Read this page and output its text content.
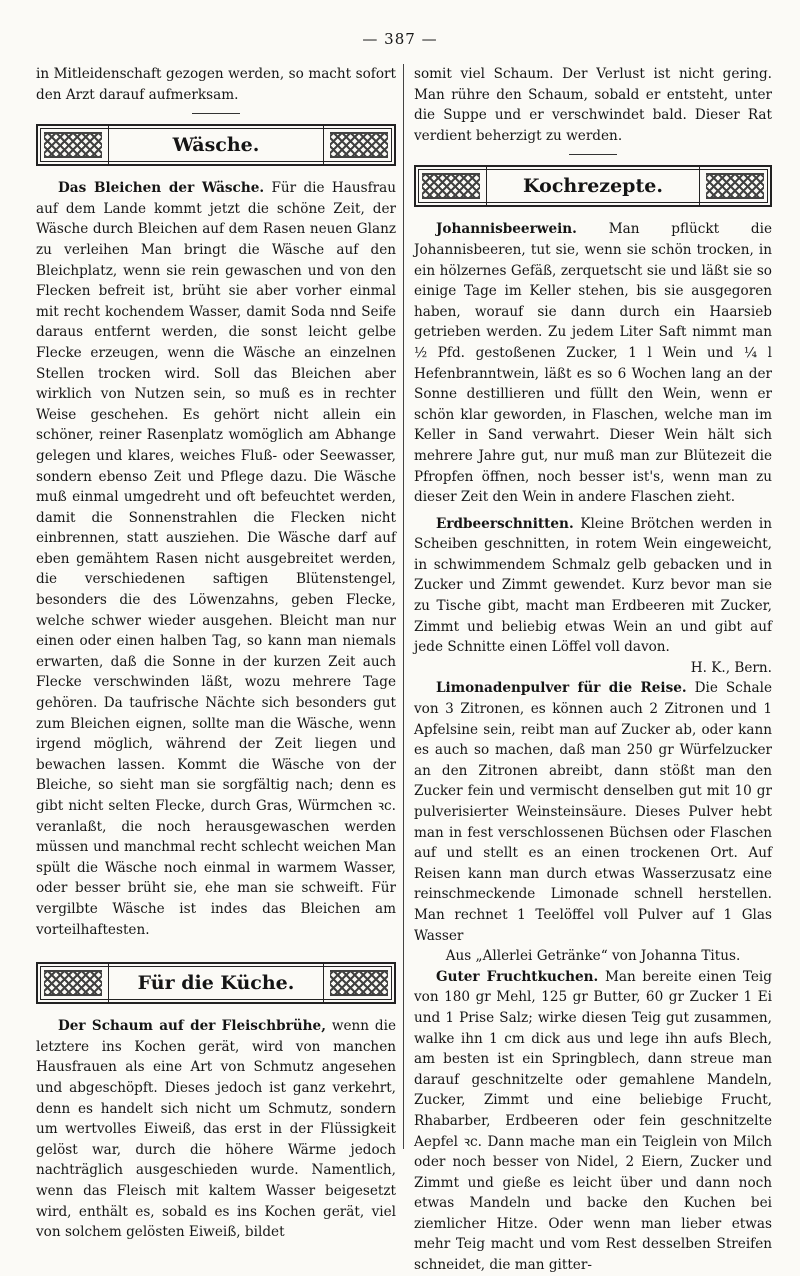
— 387 —

in Mitleidenschaft gezogen werden, so macht sofort den Arzt darauf aufmerksam.

Wäsche.

Das Bleichen der Wäsche. Für die Hausfrau auf dem Lande kommt jetzt die schöne Zeit, der Wäsche durch Bleichen auf dem Rasen neuen Glanz zu verleihen Man bringt die Wäsche auf den Bleichplatz, wenn sie rein gewaschen und von den Flecken befreit ist, brüht sie aber vorher einmal mit recht kochendem Wasser, damit Soda nnd Seife daraus entfernt werden, die sonst leicht gelbe Flecke erzeugen, wenn die Wäsche an einzelnen Stellen trocken wird. Soll das Bleichen aber wirklich von Nutzen sein, so muß es in rechter Weise geschehen. Es gehört nicht allein ein schöner, reiner Rasenplatz womöglich am Abhange gelegen und klares, weiches Fluß- oder Seewasser, sondern ebenso Zeit und Pflege dazu. Die Wäsche muß einmal umgedreht und oft befeuchtet werden, damit die Sonnenstrahlen die Flecken nicht einbrennen, statt ausziehen. Die Wäsche darf auf eben gemähtem Rasen nicht ausgebreitet werden, die verschiedenen saftigen Blütenstengel, besonders die des Löwenzahns, geben Flecke, welche schwer wieder ausgehen. Bleicht man nur einen oder einen halben Tag, so kann man niemals erwarten, daß die Sonne in der kurzen Zeit auch Flecke verschwinden läßt, wozu mehrere Tage gehören. Da taufrische Nächte sich besonders gut zum Bleichen eignen, sollte man die Wäsche, wenn irgend möglich, während der Zeit liegen und bewachen lassen. Kommt die Wäsche von der Bleiche, so sieht man sie sorgfältig nach; denn es gibt nicht selten Flecke, durch Gras, Würmchen ꝛc. veranlaßt, die noch herausgewaschen werden müssen und manchmal recht schlecht weichen Man spült die Wäsche noch einmal in warmem Wasser, oder besser brüht sie, ehe man sie schweift. Für vergilbte Wäsche ist indes das Bleichen am vorteilhaftesten.

Für die Küche.

Der Schaum auf der Fleischbrühe, wenn die letztere ins Kochen gerät, wird von manchen Hausfrauen als eine Art von Schmutz angesehen und abgeschöpft. Dieses jedoch ist ganz verkehrt, denn es handelt sich nicht um Schmutz, sondern um wertvolles Eiweiß, das erst in der Flüssigkeit gelöst war, durch die höhere Wärme jedoch nachträglich ausgeschieden wurde. Namentlich, wenn das Fleisch mit kaltem Wasser beigesetzt wird, enthält es, sobald es ins Kochen gerät, viel von solchem gelösten Eiweiß, bildet

somit viel Schaum. Der Verlust ist nicht gering. Man rühre den Schaum, sobald er entsteht, unter die Suppe und er verschwindet bald. Dieser Rat verdient beherzigt zu werden.

Kochrezepte.

Johannisbeerwein. Man pflückt die Johannisbeeren, tut sie, wenn sie schön trocken, in ein hölzernes Gefäß, zerquetscht sie und läßt sie so einige Tage im Keller stehen, bis sie ausgegoren haben, worauf sie dann durch ein Haarsieb getrieben werden. Zu jedem Liter Saft nimmt man ½ Pfd. gestoßenen Zucker, 1 l Wein und ¼ l Hefenbranntwein, läßt es so 6 Wochen lang an der Sonne destillieren und füllt den Wein, wenn er schön klar geworden, in Flaschen, welche man im Keller in Sand verwahrt. Dieser Wein hält sich mehrere Jahre gut, nur muß man zur Blütezeit die Pfropfen öffnen, noch besser ist's, wenn man zu dieser Zeit den Wein in andere Flaschen zieht.

Erdbeerschnitten. Kleine Brötchen werden in Scheiben geschnitten, in rotem Wein eingeweicht, in schwimmendem Schmalz gelb gebacken und in Zucker und Zimmt gewendet. Kurz bevor man sie zu Tische gibt, macht man Erdbeeren mit Zucker, Zimmt und beliebig etwas Wein an und gibt auf jede Schnitte einen Löffel voll davon.

H. K., Bern.

Limonadenpulver für die Reise. Die Schale von 3 Zitronen, es können auch 2 Zitronen und 1 Apfelsine sein, reibt man auf Zucker ab, oder kann es auch so machen, daß man 250 gr Würfelzucker an den Zitronen abreibt, dann stößt man den Zucker fein und vermischt denselben gut mit 10 gr pulverisierter Weinsteinsäure. Dieses Pulver hebt man in fest verschlossenen Büchsen oder Flaschen auf und stellt es an einen trockenen Ort. Auf Reisen kann man durch etwas Wasserzusatz eine reinschmeckende Limonade schnell herstellen. Man rechnet 1 Teelöffel voll Pulver auf 1 Glas Wasser

Aus „Allerlei Getränke“ von Johanna Titus.

Guter Fruchtkuchen. Man bereite einen Teig von 180 gr Mehl, 125 gr Butter, 60 gr Zucker 1 Ei und 1 Prise Salz; wirke diesen Teig gut zusammen, walke ihn 1 cm dick aus und lege ihn aufs Blech, am besten ist ein Springblech, dann streue man darauf geschnitzelte oder gemahlene Mandeln, Zucker, Zimmt und eine beliebige Frucht, Rhabarber, Erdbeeren oder fein geschnitzelte Aepfel ꝛc. Dann mache man ein Teiglein von Milch oder noch besser von Nidel, 2 Eiern, Zucker und Zimmt und gieße es leicht über und dann noch etwas Mandeln und backe den Kuchen bei ziemlicher Hitze. Oder wenn man lieber etwas mehr Teig macht und vom Rest desselben Streifen schneidet, die man gitter-
